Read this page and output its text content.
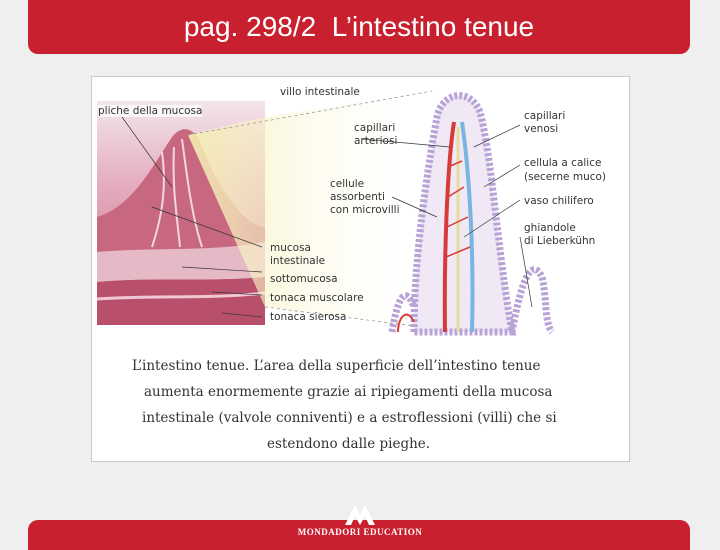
pag. 298/2  L’intestino tenue
villo intestinale
pliche della mucosa
capillari
arteriosi
cellule
assorbenti
con microvilli
mucosa
intestinale
sottomucosa
tonaca muscolare
tonaca sierosa
capillari
venosi
cellula a calice
(secerne muco)
vaso chilifero
ghiandole
di Lieberkühn
L’intestino tenue. L’area della superficie dell’intestino tenue
aumenta enormemente grazie ai ripiegamenti della mucosa
intestinale (valvole conniventi) e a estroflessioni (villi) che si
estendono dalle pieghe.
MONDADORI EDUCATION
